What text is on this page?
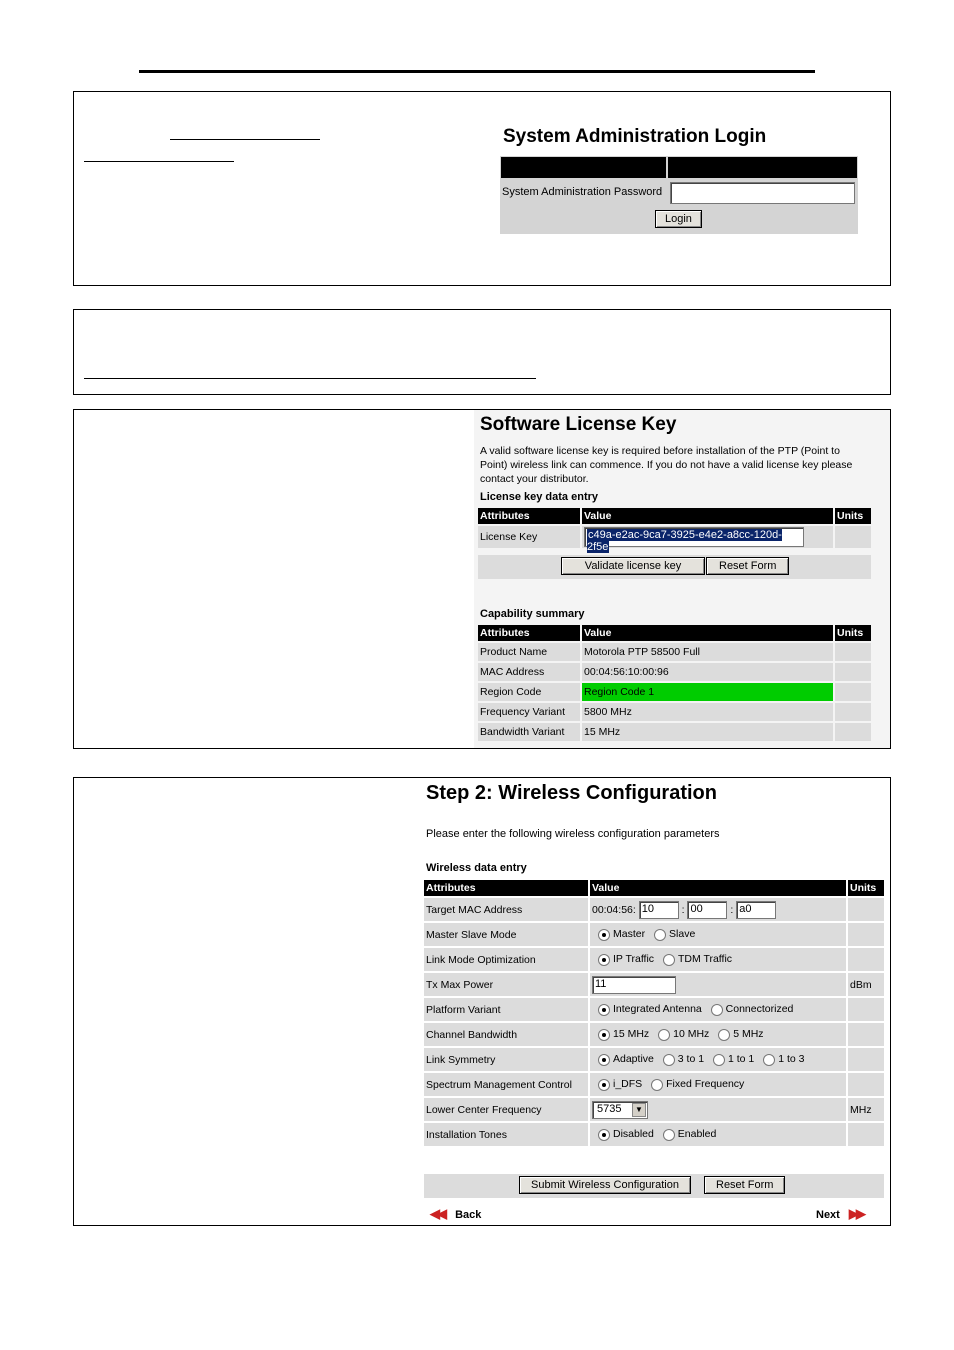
System Administration Login
System Administration Password
Login
Software License Key
A valid software license key is required before installation of the PTP (Point to Point) wireless link can commence. If you do not have a valid license key please contact your distributor.
License key data entry
Attributes	Value	Units
License Key	c49a-e2ac-9ca7-3925-e4e2-a8cc-120d-2f5e	
Validate license key	Reset Form
Capability summary
Attributes	Value	Units
Product Name	Motorola PTP 58500 Full	
MAC Address	00:04:56:10:00:96	
Region Code	Region Code 1	
Frequency Variant	5800 MHz	
Bandwidth Variant	15 MHz	
Step 2: Wireless Configuration
Please enter the following wireless configuration parameters
Wireless data entry
Attributes	Value	Units
Target MAC Address	00:04:56: 10 : 00 : a0	
Master Slave Mode	Master Slave	
Link Mode Optimization	IP Traffic TDM Traffic	
Tx Max Power	11	dBm
Platform Variant	Integrated Antenna Connectorized	
Channel Bandwidth	15 MHz 10 MHz 5 MHz	
Link Symmetry	Adaptive 3 to 1 1 to 1 1 to 3	
Spectrum Management Control	i_DFS Fixed Frequency	
Lower Center Frequency	5735 ▼	MHz
Installation Tones	Disabled Enabled	
Submit Wireless Configuration	Reset Form
◀◀ Back	Next ▶▶
